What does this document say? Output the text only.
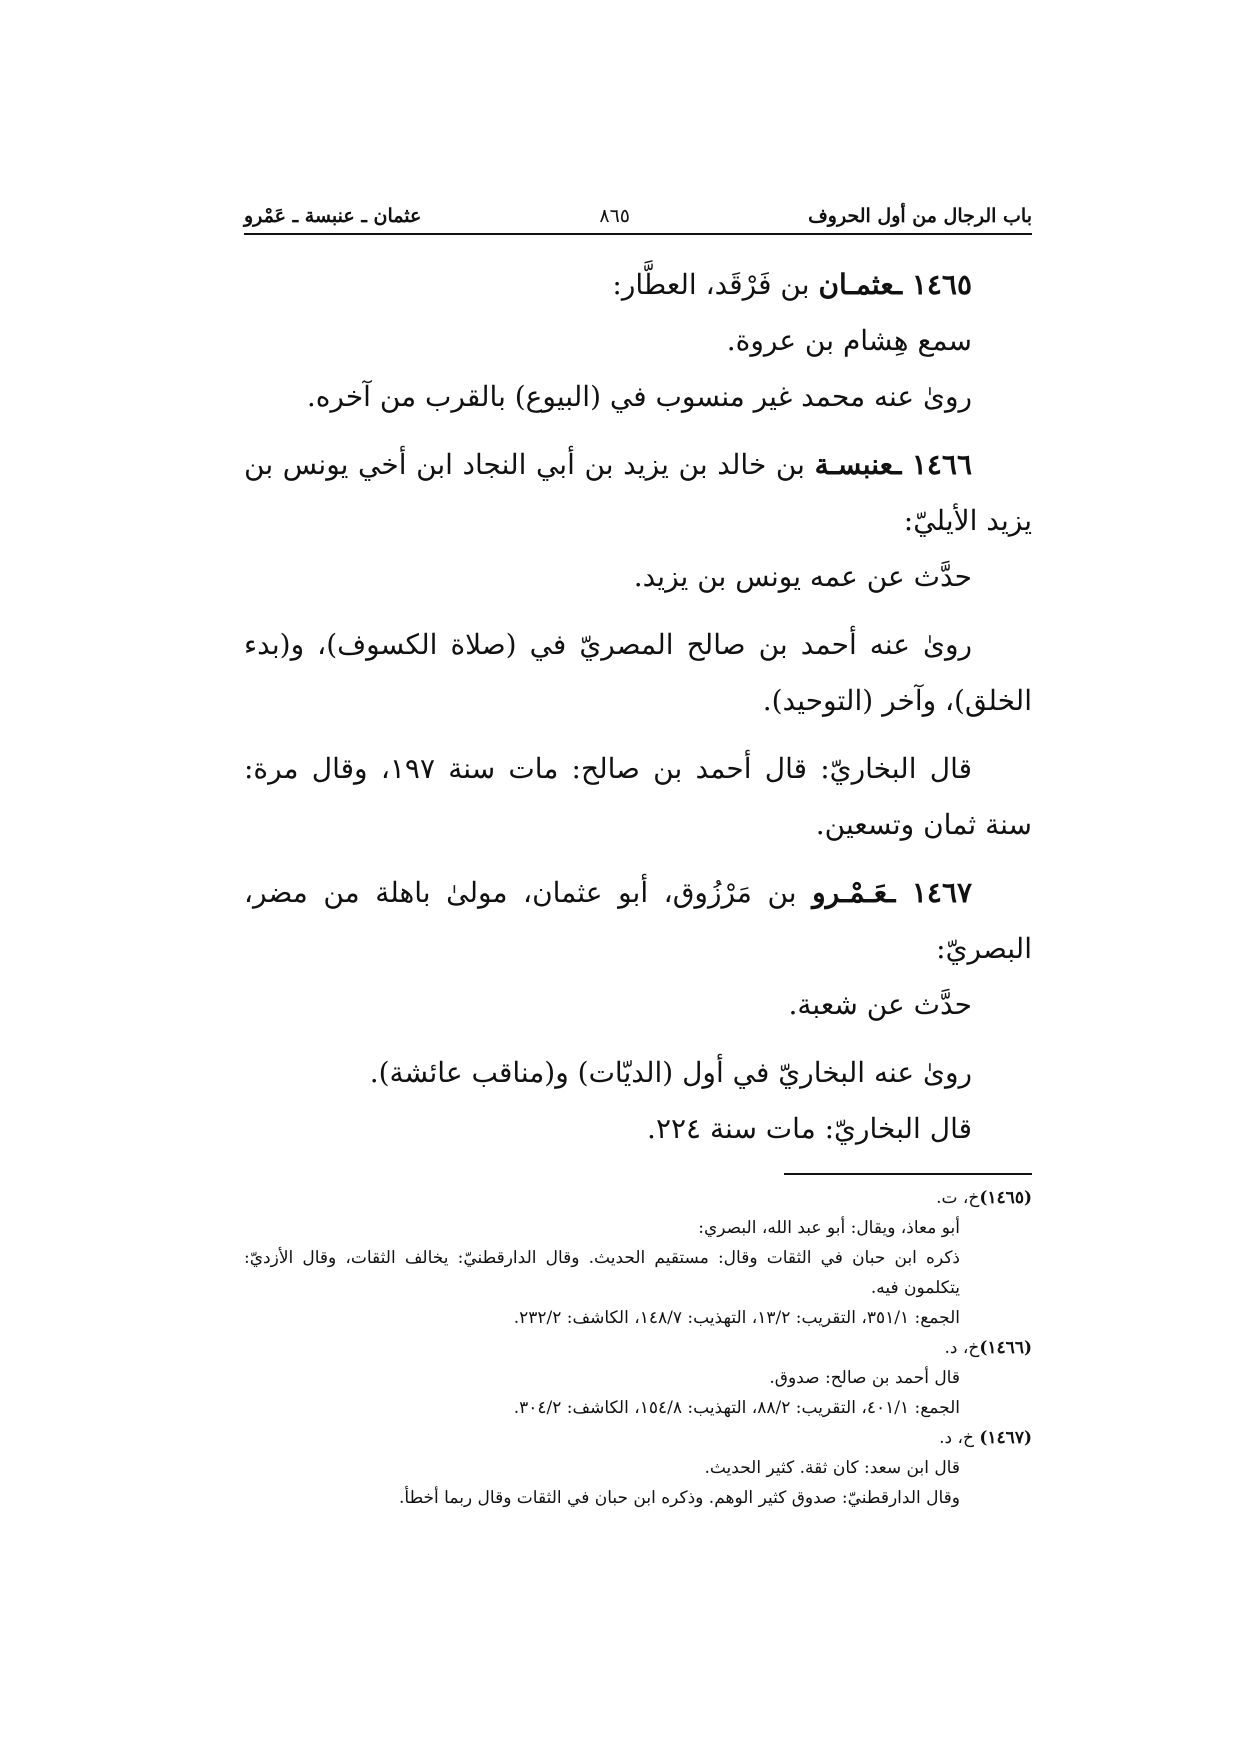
باب الرجال من أول الحروف
٨٦٥
عثمان ـ عنبسة ـ عَمْرو

١٤٦٥ ـعثمـان بن فَرْقَد، العطَّار:

سمع هِشام بن عروة.

روىٰ عنه محمد غير منسوب في (البيوع) بالقرب من آخره.

١٤٦٦ ـعنبسـة بن خالد بن يزيد بن أبي النجاد ابن أخي يونس بن يزيد الأيليّ:

حدَّث عن عمه يونس بن يزيد.

روىٰ عنه أحمد بن صالح المصريّ في (صلاة الكسوف)، و(بدء الخلق)، وآخر (التوحيد).

قال البخاريّ: قال أحمد بن صالح: مات سنة ١٩٧، وقال مرة: سنة ثمان وتسعين.

١٤٦٧ ـعَـمْـرو بن مَرْزُوق، أبو عثمان، مولىٰ باهلة من مضر، البصريّ:

حدَّث عن شعبة.

روىٰ عنه البخاريّ في أول (الديّات) و(مناقب عائشة).

قال البخاريّ: مات سنة ٢٢٤.

(١٤٦٥)خ، ت.

أبو معاذ، ويقال: أبو عبد الله، البصري:

ذكره ابن حبان في الثقات وقال: مستقيم الحديث. وقال الدارقطنيّ: يخالف الثقات، وقال الأزديّ: يتكلمون فيه.

الجمع: ٣٥١/١، التقريب: ١٣/٢، التهذيب: ١٤٨/٧، الكاشف: ٢٣٢/٢.

(١٤٦٦)خ، د.

قال أحمد بن صالح: صدوق.

الجمع: ٤٠١/١، التقريب: ٨٨/٢، التهذيب: ١٥٤/٨، الكاشف: ٣٠٤/٢.

(١٤٦٧) خ، د.

قال ابن سعد: كان ثقة. كثير الحديث.

وقال الدارقطنيّ: صدوق كثير الوهم. وذكره ابن حبان في الثقات وقال ربما أخطأ.
